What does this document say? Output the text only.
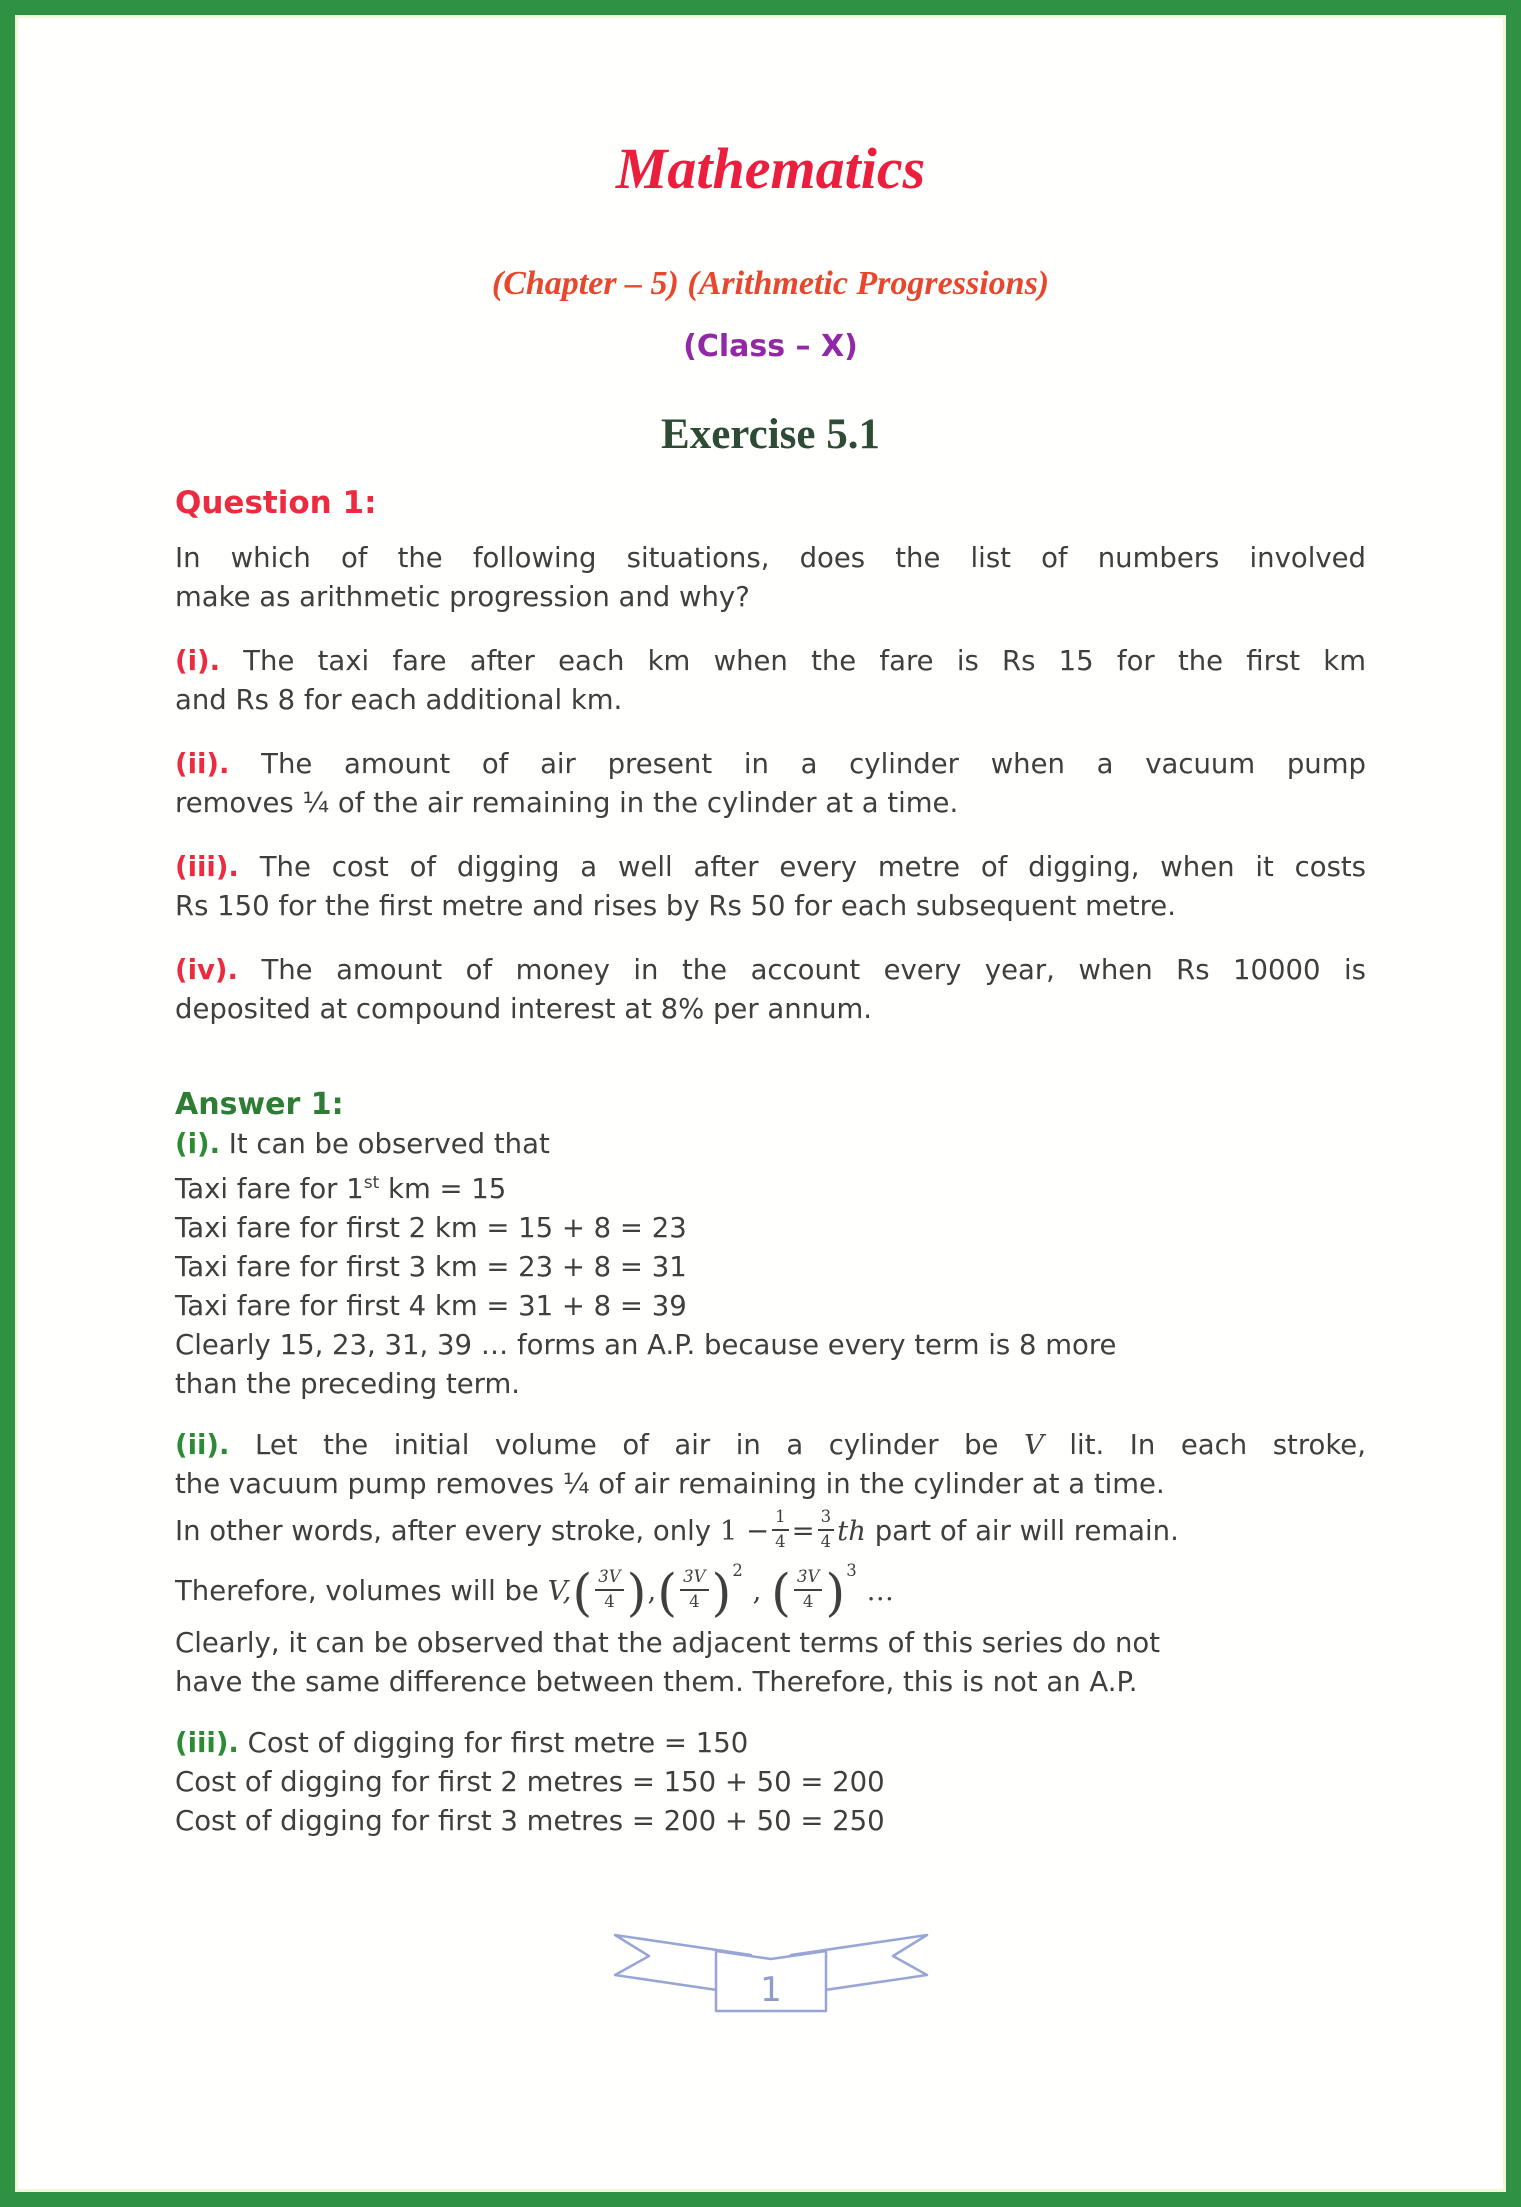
Mathematics
(Chapter – 5) (Arithmetic Progressions)
(Class – X)
Exercise 5.1
Question 1:
In which of the following situations, does the list of numbers involved
make as arithmetic progression and why?
(i). The taxi fare after each km when the fare is Rs 15 for the first km
and Rs 8 for each additional km.
(ii). The amount of air present in a cylinder when a vacuum pump
removes ¼ of the air remaining in the cylinder at a time.
(iii). The cost of digging a well after every metre of digging, when it costs
Rs 150 for the first metre and rises by Rs 50 for each subsequent metre.
(iv). The amount of money in the account every year, when Rs 10000 is
deposited at compound interest at 8% per annum.
Answer 1:
(i). It can be observed that
Taxi fare for 1st km = 15
Taxi fare for first 2 km = 15 + 8 = 23
Taxi fare for first 3 km = 23 + 8 = 31
Taxi fare for first 4 km = 31 + 8 = 39
Clearly 15, 23, 31, 39 … forms an A.P. because every term is 8 more
than the preceding term.
(ii). Let the initial volume of air in a cylinder be V lit. In each stroke,
the vacuum pump removes ¼ of air remaining in the cylinder at a time.
In other words, after every stroke, only $1 - \frac{1}{4} = \frac{3}{4}$ th part of air will remain.
Therefore, volumes will be V, ( $\frac{3V}{4}$ ) , ( $\frac{3V}{4}$ ) 2
, ( $\frac{3V}{4}$ ) 3
…
Clearly, it can be observed that the adjacent terms of this series do not
have the same difference between them. Therefore, this is not an A.P.
(iii). Cost of digging for first metre = 150
Cost of digging for first 2 metres = 150 + 50 = 200
Cost of digging for first 3 metres = 200 + 50 = 250
1
